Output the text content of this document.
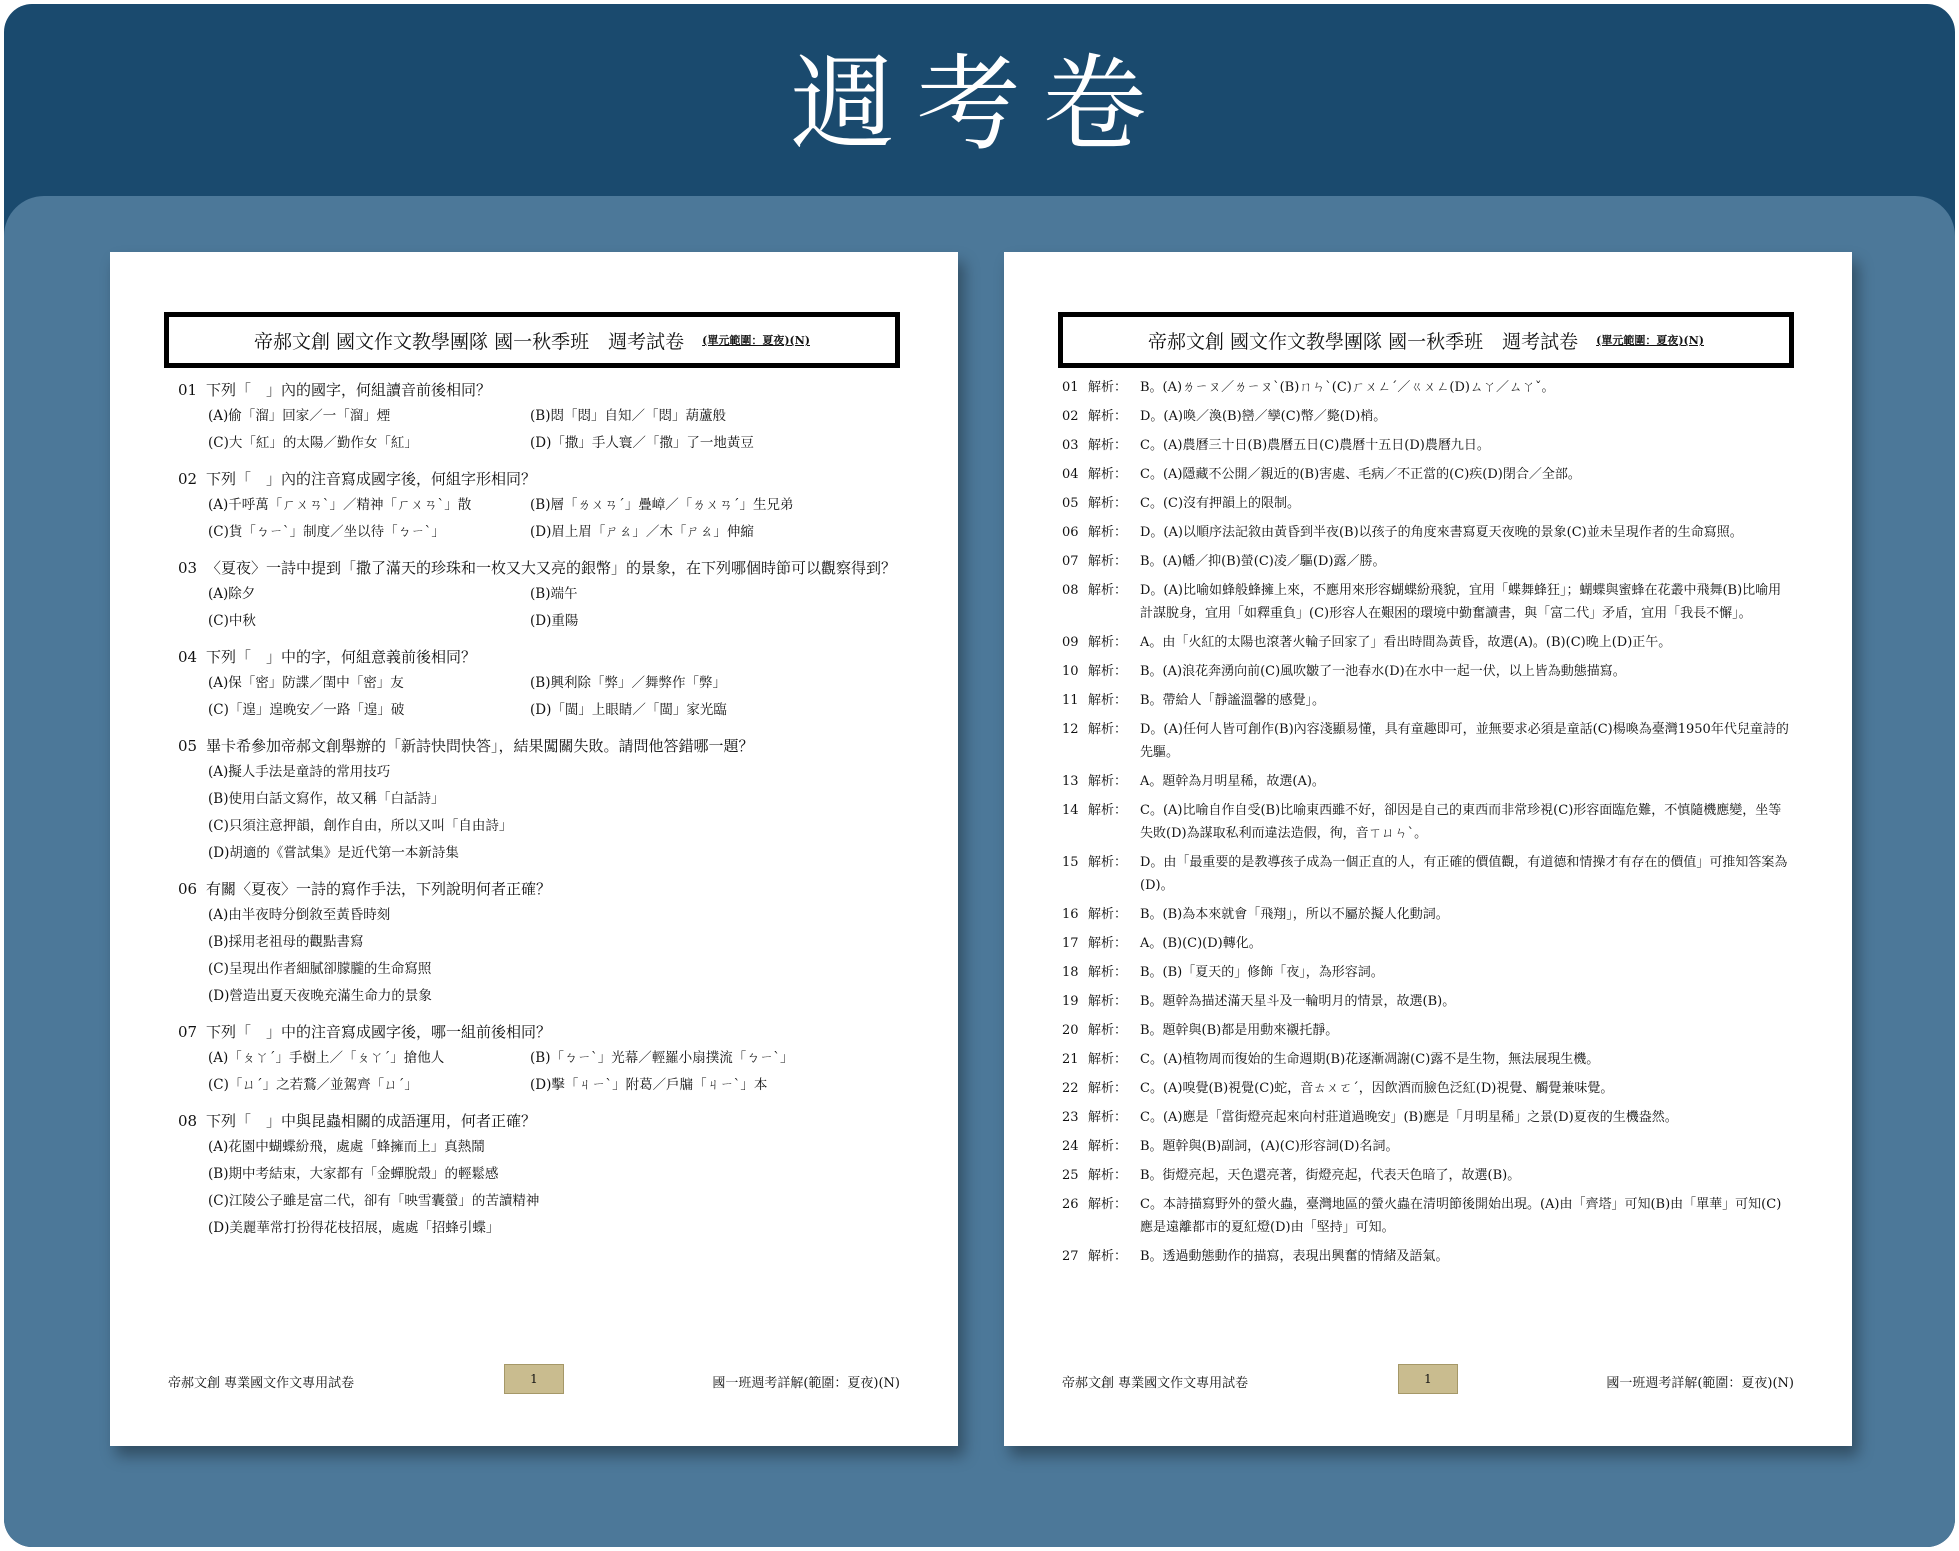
週考卷
帝郝文創 國文作文教學團隊 國一秋季班　週考試卷 (單元範圍：夏夜)(N)
01 下列「　」內的國字，何組讀音前後相同？
(A)偷「溜」回家／一「溜」煙	(B)悶「悶」自知／「悶」葫蘆般
(C)大「紅」的太陽／勤作女「紅」	(D)「撒」手人寰／「撒」了一地黃豆
02 下列「　」內的注音寫成國字後，何組字形相同？
(A)千呼萬「ㄏㄨㄢˋ」／精神「ㄏㄨㄢˋ」散	(B)層「ㄌㄨㄢˊ」疊嶂／「ㄌㄨㄢˊ」生兄弟
(C)貨「ㄅㄧˋ」制度／坐以待「ㄅㄧˋ」	(D)眉上眉「ㄕㄠ」／木「ㄕㄠ」伸縮
03 〈夏夜〉一詩中提到「撒了滿天的珍珠和一枚又大又亮的銀幣」的景象，在下列哪個時節可以觀察得到？
(A)除夕	(B)端午
(C)中秋	(D)重陽
04 下列「　」中的字，何組意義前後相同？
(A)保「密」防諜／閨中「密」友	(B)興利除「弊」／舞弊作「弊」
(C)「遑」遑晚安／一路「遑」破	(D)「閩」上眼睛／「閩」家光臨
05 畢卡希參加帝郝文創舉辦的「新詩快問快答」，結果闖關失敗。請問他答錯哪一題？
(A)擬人手法是童詩的常用技巧
(B)使用白話文寫作，故又稱「白話詩」
(C)只須注意押韻，創作自由，所以又叫「自由詩」
(D)胡適的《嘗試集》是近代第一本新詩集
06 有關〈夏夜〉一詩的寫作手法，下列說明何者正確？
(A)由半夜時分倒敘至黃昏時刻
(B)採用老祖母的觀點書寫
(C)呈現出作者細膩卻朦朧的生命寫照
(D)營造出夏天夜晚充滿生命力的景象
07 下列「　」中的注音寫成國字後，哪一組前後相同？
(A)「ㄆㄚˊ」手樹上／「ㄆㄚˊ」搶他人	(B)「ㄅㄧˋ」光幕／輕羅小扇撲流「ㄅㄧˋ」
(C)「ㄩˊ」之若鶩／並駕齊「ㄩˊ」	(D)擊「ㄐㄧˋ」附葛／戶牖「ㄐㄧˋ」本
08 下列「　」中與昆蟲相關的成語運用，何者正確？
(A)花園中蝴蝶紛飛，處處「蜂擁而上」真熱鬧
(B)期中考結束，大家都有「金蟬脫殼」的輕鬆感
(C)江陵公子雖是富二代，卻有「映雪囊螢」的苦讀精神
(D)美麗華常打扮得花枝招展，處處「招蜂引蝶」
帝郝文創 專業國文作文專用試卷	1	國一班週考詳解(範圍：夏夜)(N)
帝郝文創 國文作文教學團隊 國一秋季班　週考試卷 (單元範圍：夏夜)(N)
01 解析： B。(A)ㄌㄧㄡ／ㄌㄧㄡˋ(B)ㄇㄣˋ(C)ㄏㄨㄥˊ／ㄍㄨㄥ(D)ㄙㄚ／ㄙㄚˇ。
02 解析： D。(A)喚／渙(B)巒／孿(C)幣／斃(D)梢。
03 解析： C。(A)農曆三十日(B)農曆五日(C)農曆十五日(D)農曆九日。
04 解析： C。(A)隱藏不公開／親近的(B)害處、毛病／不正當的(C)疾(D)閉合／全部。
05 解析： C。(C)沒有押韻上的限制。
06 解析： D。(A)以順序法記敘由黃昏到半夜(B)以孩子的角度來書寫夏天夜晚的景象(C)並未呈現作者的生命寫照。
07 解析： B。(A)幡／抑(B)螢(C)凌／驅(D)露／勝。
08 解析： D。(A)比喻如蜂般蜂擁上來，不應用來形容蝴蝶紛飛貌，宜用「蝶舞蜂狂」；蝴蝶與蜜蜂在花叢中飛舞(B)比喻用計謀脫身，宜用「如釋重負」(C)形容人在艱困的環境中勤奮讀書，與「富二代」矛盾，宜用「我長不懈」。
09 解析： A。由「火紅的太陽也滾著火輪子回家了」看出時間為黃昏，故選(A)。(B)(C)晚上(D)正午。
10 解析： B。(A)浪花奔湧向前(C)風吹皺了一池春水(D)在水中一起一伏，以上皆為動態描寫。
11 解析： B。帶給人「靜謐溫馨的感覺」。
12 解析： D。(A)任何人皆可創作(B)內容淺顯易懂，具有童趣即可，並無要求必須是童話(C)楊喚為臺灣1950年代兒童詩的先驅。
13 解析： A。題幹為月明星稀，故選(A)。
14 解析： C。(A)比喻自作自受(B)比喻東西雖不好，卻因是自己的東西而非常珍視(C)形容面臨危難，不慎隨機應變，坐等失敗(D)為謀取私利而違法造假，徇，音ㄒㄩㄣˋ。
15 解析： D。由「最重要的是教導孩子成為一個正直的人，有正確的價值觀，有道德和情操才有存在的價值」可推知答案為(D)。
16 解析： B。(B)為本來就會「飛翔」，所以不屬於擬人化動詞。
17 解析： A。(B)(C)(D)轉化。
18 解析： B。(B)「夏天的」修飾「夜」，為形容詞。
19 解析： B。題幹為描述滿天星斗及一輪明月的情景，故選(B)。
20 解析： B。題幹與(B)都是用動來襯托靜。
21 解析： C。(A)植物周而復始的生命週期(B)花逐漸凋謝(C)露不是生物，無法展現生機。
22 解析： C。(A)嗅覺(B)視覺(C)蛇，音ㄊㄨㄛˊ，因飲酒而臉色泛紅(D)視覺、觸覺兼味覺。
23 解析： C。(A)應是「當街燈亮起來向村莊道過晚安」(B)應是「月明星稀」之景(D)夏夜的生機盎然。
24 解析： B。題幹與(B)副詞，(A)(C)形容詞(D)名詞。
25 解析： B。街燈亮起，天色還亮著，街燈亮起，代表天色暗了，故選(B)。
26 解析： C。本詩描寫野外的螢火蟲，臺灣地區的螢火蟲在清明節後開始出現。(A)由「齊塔」可知(B)由「單華」可知(C)應是遠離都市的夏紅燈(D)由「堅持」可知。
27 解析： B。透過動態動作的描寫，表現出興奮的情緒及語氣。
帝郝文創 專業國文作文專用試卷	1	國一班週考詳解(範圍：夏夜)(N)
